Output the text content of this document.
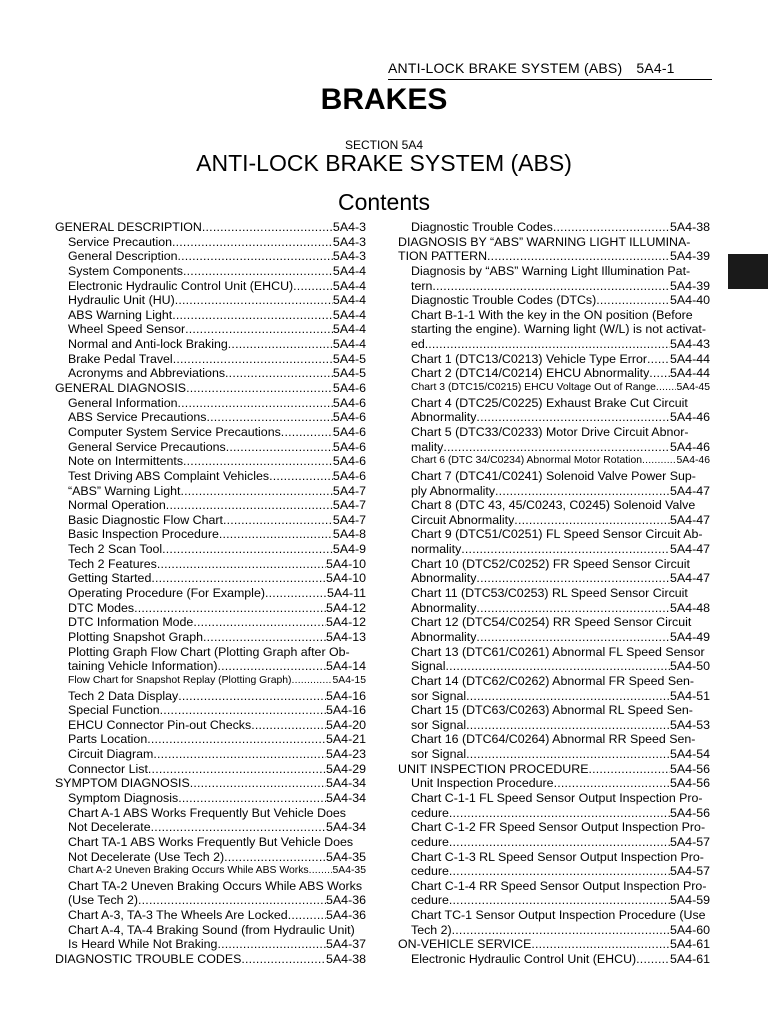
ANTI-LOCK BRAKE SYSTEM (ABS) 5A4-1
BRAKES
SECTION 5A4
ANTI-LOCK BRAKE SYSTEM (ABS)
Contents
GENERAL DESCRIPTION .....	5A4-3
Service Precaution .....	5A4-3
General Description .....	5A4-3
System Components .....	5A4-4
Electronic Hydraulic Control Unit (EHCU) .....	5A4-4
Hydraulic Unit (HU) .....	5A4-4
ABS Warning Light .....	5A4-4
Wheel Speed Sensor .....	5A4-4
Normal and Anti-lock Braking .....	5A4-4
Brake Pedal Travel .....	5A4-5
Acronyms and Abbreviations .....	5A4-5
GENERAL DIAGNOSIS .....	5A4-6
General Information .....	5A4-6
ABS Service Precautions .....	5A4-6
Computer System Service Precautions .....	5A4-6
General Service Precautions .....	5A4-6
Note on Intermittents .....	5A4-6
Test Driving ABS Complaint Vehicles .....	5A4-6
“ABS” Warning Light .....	5A4-7
Normal Operation .....	5A4-7
Basic Diagnostic Flow Chart .....	5A4-7
Basic Inspection Procedure .....	5A4-8
Tech 2 Scan Tool .....	5A4-9
Tech 2 Features .....	5A4-10
Getting Started .....	5A4-10
Operating Procedure (For Example) .....	5A4-11
DTC Modes .....	5A4-12
DTC Information Mode .....	5A4-12
Plotting Snapshot Graph .....	5A4-13
Plotting Graph Flow Chart (Plotting Graph after Ob-
taining Vehicle Information) .....	5A4-14
Flow Chart for Snapshot Replay (Plotting Graph) .....	5A4-15
Tech 2 Data Display .....	5A4-16
Special Function .....	5A4-16
EHCU Connector Pin-out Checks .....	5A4-20
Parts Location .....	5A4-21
Circuit Diagram .....	5A4-23
Connector List .....	5A4-29
SYMPTOM DIAGNOSIS .....	5A4-34
Symptom Diagnosis .....	5A4-34
Chart A-1 ABS Works Frequently But Vehicle Does
Not Decelerate .....	5A4-34
Chart TA-1 ABS Works Frequently But Vehicle Does
Not Decelerate (Use Tech 2) .....	5A4-35
Chart A-2 Uneven Braking Occurs While ABS Works ..... 5A4-35
Chart TA-2 Uneven Braking Occurs While ABS Works
(Use Tech 2) .....	5A4-36
Chart A-3, TA-3 The Wheels Are Locked .....	5A4-36
Chart A-4, TA-4 Braking Sound (from Hydraulic Unit)
Is Heard While Not Braking .....	5A4-37
DIAGNOSTIC TROUBLE CODES .....	5A4-38
Diagnostic Trouble Codes .....	5A4-38
DIAGNOSIS BY “ABS” WARNING LIGHT ILLUMINA-
TION PATTERN .....	5A4-39
Diagnosis by “ABS” Warning Light Illumination Pat-
tern .....	5A4-39
Diagnostic Trouble Codes (DTCs) .....	5A4-40
Chart B-1-1 With the key in the ON position (Before
starting the engine). Warning light (W/L) is not activat-
ed. .....	5A4-43
Chart 1 (DTC13/C0213) Vehicle Type Error ..... 5A4-44
Chart 2 (DTC14/C0214) EHCU Abnormality ..... 5A4-44
Chart 3 (DTC15/C0215) EHCU Voltage Out of Range ..... 5A4-45
Chart 4 (DTC25/C0225) Exhaust Brake Cut Circuit
Abnormality .....	5A4-46
Chart 5 (DTC33/C0233) Motor Drive Circuit Abnor-
mality .....	5A4-46
Chart 6 (DTC 34/C0234) Abnormal Motor Rotation .....	5A4-46
Chart 7 (DTC41/C0241) Solenoid Valve Power Sup-
ply Abnormality .....	5A4-47
Chart 8 (DTC 43, 45/C0243, C0245) Solenoid Valve
Circuit Abnormality .....	5A4-47
Chart 9 (DTC51/C0251) FL Speed Sensor Circuit Ab-
normality .....	5A4-47
Chart 10 (DTC52/C0252) FR Speed Sensor Circuit
Abnormality .....	5A4-47
Chart 11 (DTC53/C0253) RL Speed Sensor Circuit
Abnormality .....	5A4-48
Chart 12 (DTC54/C0254) RR Speed Sensor Circuit
Abnormality .....	5A4-49
Chart 13 (DTC61/C0261) Abnormal FL Speed Sensor
Signal .....	5A4-50
Chart 14 (DTC62/C0262) Abnormal FR Speed Sen-
sor Signal .....	5A4-51
Chart 15 (DTC63/C0263) Abnormal RL Speed Sen-
sor Signal .....	5A4-53
Chart 16 (DTC64/C0264) Abnormal RR Speed Sen-
sor Signal .....	5A4-54
UNIT INSPECTION PROCEDURE .....	5A4-56
Unit Inspection Procedure .....	5A4-56
Chart C-1-1 FL Speed Sensor Output Inspection Pro-
cedure .....	5A4-56
Chart C-1-2 FR Speed Sensor Output Inspection Pro-
cedure .....	5A4-57
Chart C-1-3 RL Speed Sensor Output Inspection Pro-
cedure .....	5A4-57
Chart C-1-4 RR Speed Sensor Output Inspection Pro-
cedure .....	5A4-59
Chart TC-1 Sensor Output Inspection Procedure (Use
Tech 2) .....	5A4-60
ON-VEHICLE SERVICE .....	5A4-61
Electronic Hydraulic Control Unit (EHCU) .....	5A4-61
